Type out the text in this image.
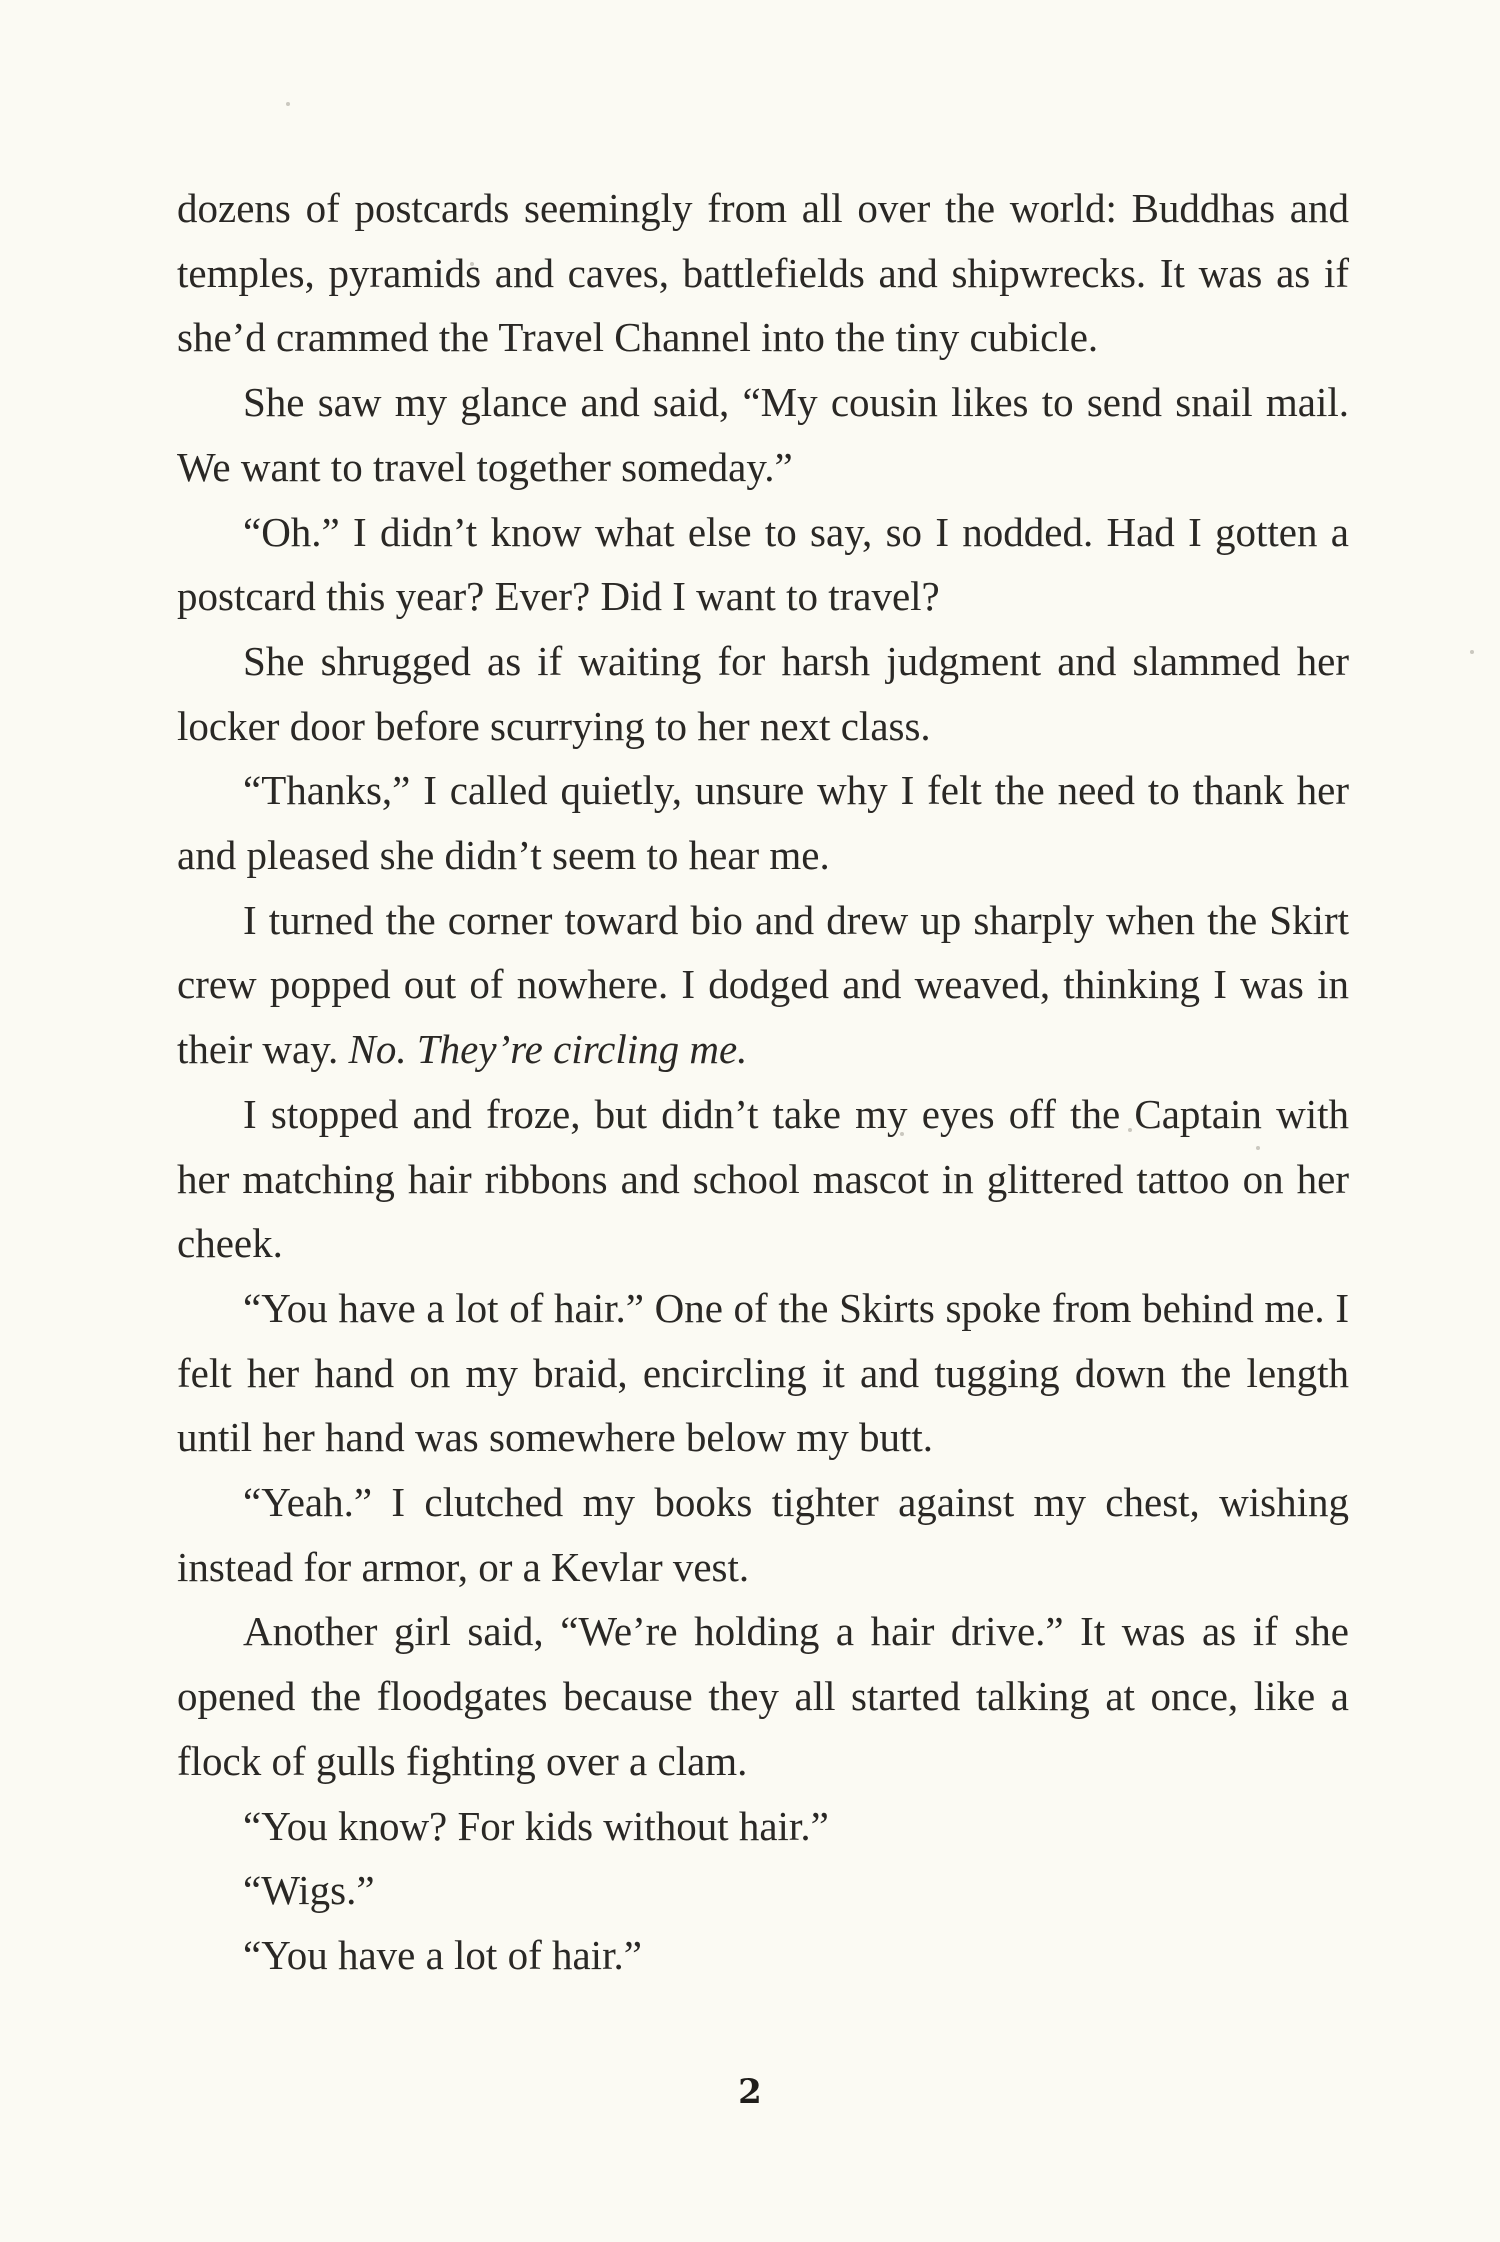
dozens of postcards seemingly from all over the world: Buddhas and temples, pyramids and caves, battlefields and shipwrecks. It was as if she’d crammed the Travel Channel into the tiny cubicle.

She saw my glance and said, “My cousin likes to send snail mail. We want to travel together someday.”

“Oh.” I didn’t know what else to say, so I nodded. Had I gotten a postcard this year? Ever? Did I want to travel?

She shrugged as if waiting for harsh judgment and slammed her locker door before scurrying to her next class.

“Thanks,” I called quietly, unsure why I felt the need to thank her and pleased she didn’t seem to hear me.

I turned the corner toward bio and drew up sharply when the Skirt crew popped out of nowhere. I dodged and weaved, thinking I was in their way. No. They’re circling me.

I stopped and froze, but didn’t take my eyes off the Captain with her matching hair ribbons and school mascot in glittered tattoo on her cheek.

“You have a lot of hair.” One of the Skirts spoke from behind me. I felt her hand on my braid, encircling it and tugging down the length until her hand was somewhere below my butt.

“Yeah.” I clutched my books tighter against my chest, wishing instead for armor, or a Kevlar vest.

Another girl said, “We’re holding a hair drive.” It was as if she opened the floodgates because they all started talking at once, like a flock of gulls fighting over a clam.

“You know? For kids without hair.”

“Wigs.”

“You have a lot of hair.”

2
